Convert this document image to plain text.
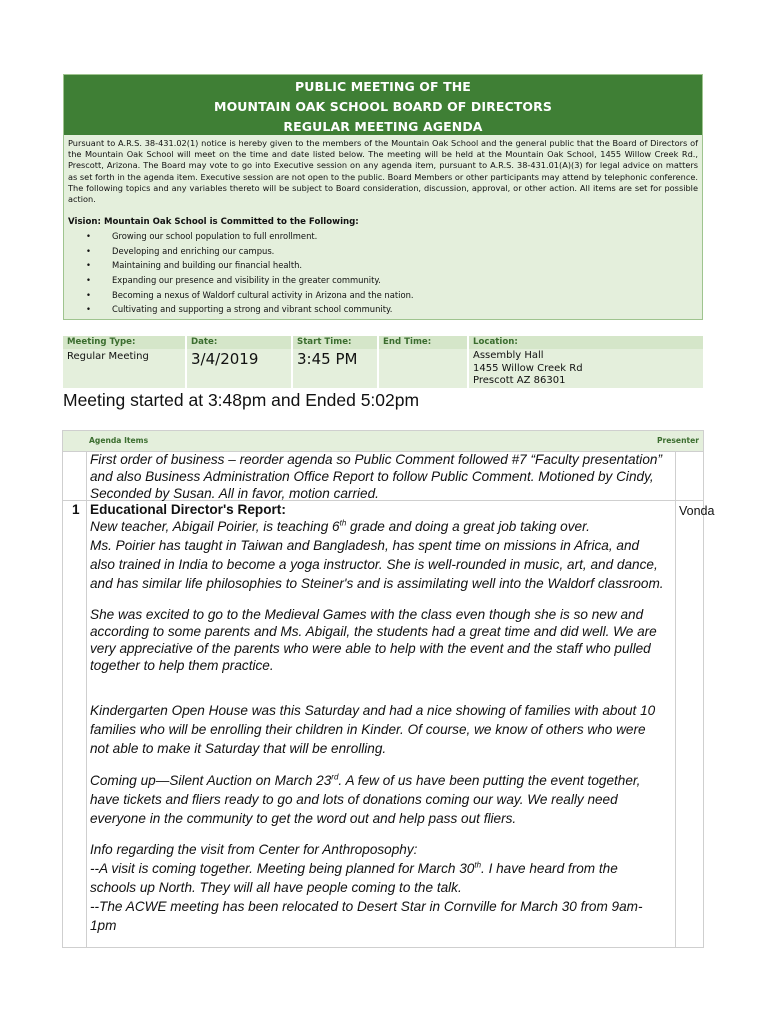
PUBLIC MEETING OF THE
MOUNTAIN OAK SCHOOL BOARD OF DIRECTORS
REGULAR MEETING AGENDA
Pursuant to A.R.S. 38-431.02(1) notice is hereby given to the members of the Mountain Oak School and the general public that the Board of Directors of the Mountain Oak School will meet on the time and date listed below. The meeting will be held at the Mountain Oak School, 1455 Willow Creek Rd., Prescott, Arizona. The Board may vote to go into Executive session on any agenda item, pursuant to A.R.S. 38-431.01(A)(3) for legal advice on matters as set forth in the agenda item. Executive session are not open to the public. Board Members or other participants may attend by telephonic conference. The following topics and any variables thereto will be subject to Board consideration, discussion, approval, or other action. All items are set for possible action.
Vision: Mountain Oak School is Committed to the Following:
•	Growing our school population to full enrollment.
•	Developing and enriching our campus.
•	Maintaining and building our financial health.
•	Expanding our presence and visibility in the greater community.
•	Becoming a nexus of Waldorf cultural activity in Arizona and the nation.
•	Cultivating and supporting a strong and vibrant school community.
Meeting Type:
Regular Meeting
Date:
3/4/2019
Start Time:
3:45 PM
End Time:	Location:
Assembly Hall
1455 Willow Creek Rd
Prescott AZ 86301
Meeting started at 3:48pm and Ended 5:02pm
Agenda Items	Presenter
First order of business – reorder agenda so Public Comment followed #7 “Faculty presentation”
and also Business Administration Office Report to follow Public Comment. Motioned by Cindy,
Seconded by Susan. All in favor, motion carried.
1 Educational Director's Report:	Vonda
New teacher, Abigail Poirier, is teaching 6th grade and doing a great job taking over.
Ms. Poirier has taught in Taiwan and Bangladesh, has spent time on missions in Africa, and
also trained in India to become a yoga instructor. She is well-rounded in music, art, and dance,
and has similar life philosophies to Steiner's and is assimilating well into the Waldorf classroom.
She was excited to go to the Medieval Games with the class even though she is so new and
according to some parents and Ms. Abigail, the students had a great time and did well. We are
very appreciative of the parents who were able to help with the event and the staff who pulled
together to help them practice.
Kindergarten Open House was this Saturday and had a nice showing of families with about 10
families who will be enrolling their children in Kinder. Of course, we know of others who were
not able to make it Saturday that will be enrolling.
Coming up—Silent Auction on March 23rd. A few of us have been putting the event together,
have tickets and fliers ready to go and lots of donations coming our way. We really need
everyone in the community to get the word out and help pass out fliers.
Info regarding the visit from Center for Anthroposophy:
--A visit is coming together. Meeting being planned for March 30th. I have heard from the
schools up North. They will all have people coming to the talk.
--The ACWE meeting has been relocated to Desert Star in Cornville for March 30 from 9am-
1pm
